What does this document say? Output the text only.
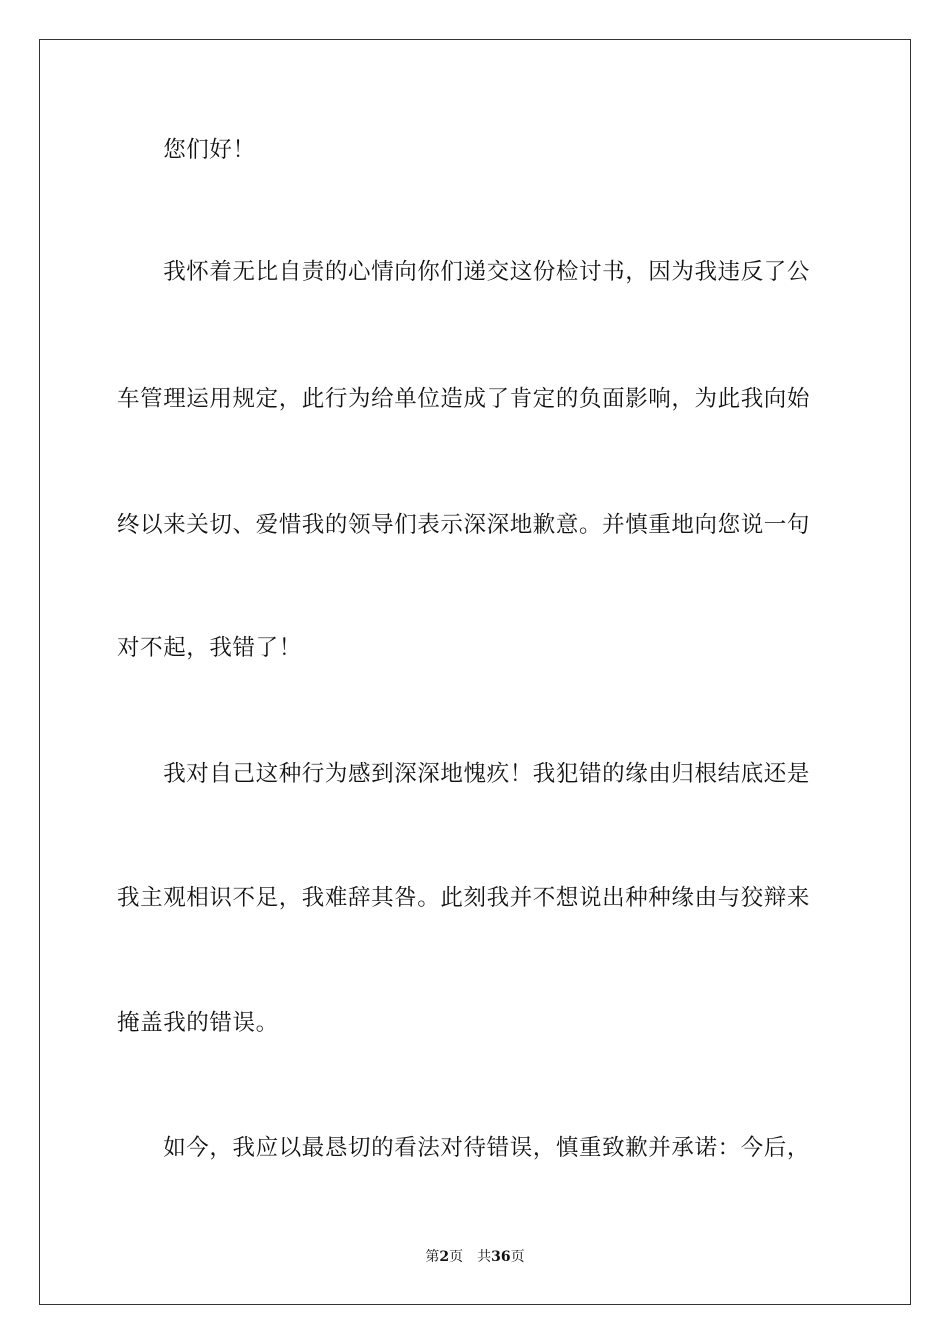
　　您们好！
　　我怀着无比自责的心情向你们递交这份检讨书，因为我违反了公
车管理运用规定，此行为给单位造成了肯定的负面影响，为此我向始
终以来关切、爱惜我的领导们表示深深地歉意。并慎重地向您说一句
对不起，我错了！
　　我对自己这种行为感到深深地愧疚！我犯错的缘由归根结底还是
我主观相识不足，我难辞其咎。此刻我并不想说出种种缘由与狡辩来
掩盖我的错误。
　　如今，我应以最恳切的看法对待错误，慎重致歉并承诺：今后，
第2页 共36页
